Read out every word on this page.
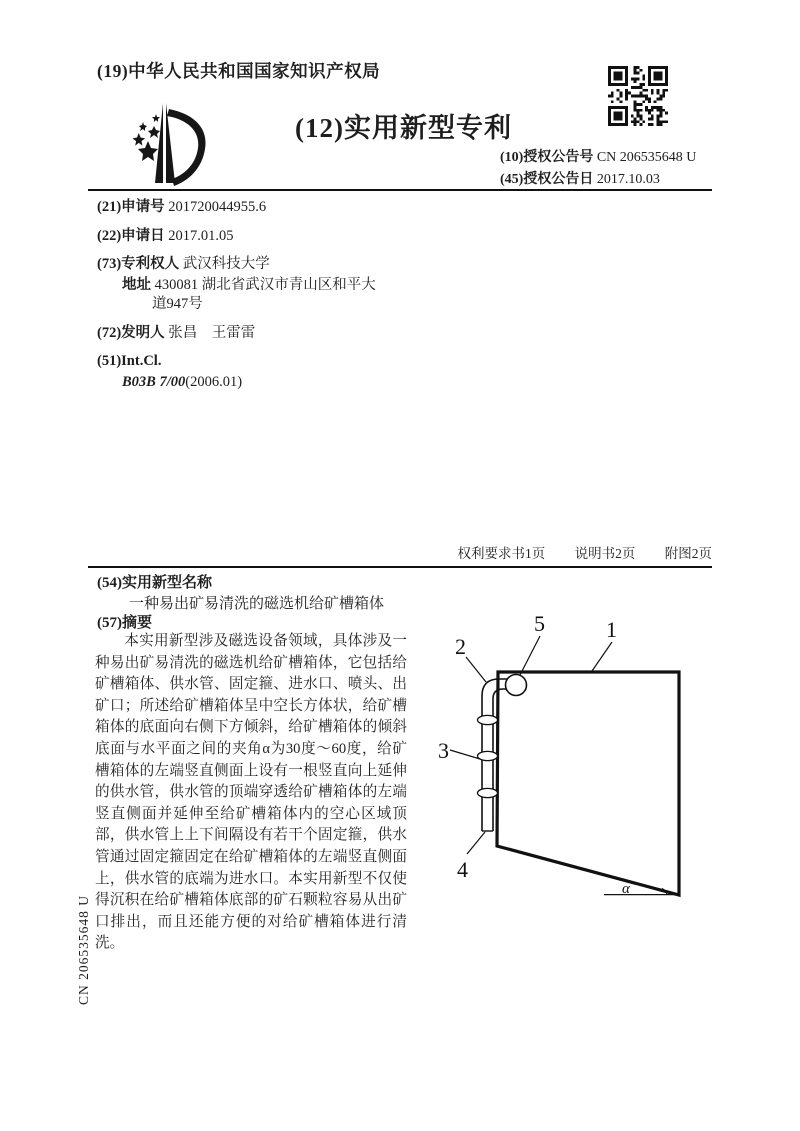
(19)中华人民共和国国家知识产权局
(12)实用新型专利
(10)授权公告号 CN 206535648 U
(45)授权公告日 2017.10.03
(21)申请号 201720044955.6
(22)申请日 2017.01.05
(73)专利权人 武汉科技大学
地址 430081 湖北省武汉市青山区和平大
道947号
(72)发明人 张昌　王雷雷
(51)Int.Cl.
B03B 7/00(2006.01)
权利要求书1页 说明书2页 附图2页
(54)实用新型名称
一种易出矿易清洗的磁选机给矿槽箱体
(57)摘要

本实用新型涉及磁选设备领域，具体涉及一种易出矿易清洗的磁选机给矿槽箱体，它包括给矿槽箱体、供水管、固定箍、进水口、喷头、出矿口；所述给矿槽箱体呈中空长方体状，给矿槽箱体的底面向右侧下方倾斜，给矿槽箱体的倾斜底面与水平面之间的夹角α为30度～60度，给矿槽箱体的左端竖直侧面上设有一根竖直向上延伸的供水管，供水管的顶端穿透给矿槽箱体的左端竖直侧面并延伸至给矿槽箱体内的空心区域顶部，供水管上上下间隔设有若干个固定箍，供水管通过固定箍固定在给矿槽箱体的左端竖直侧面上，供水管的底端为进水口。本实用新型不仅使得沉积在给矿槽箱体底部的矿石颗粒容易从出矿口排出，而且还能方便的对给矿槽箱体进行清洗。

2
5	1
3
4
α
CN 206535648 U
